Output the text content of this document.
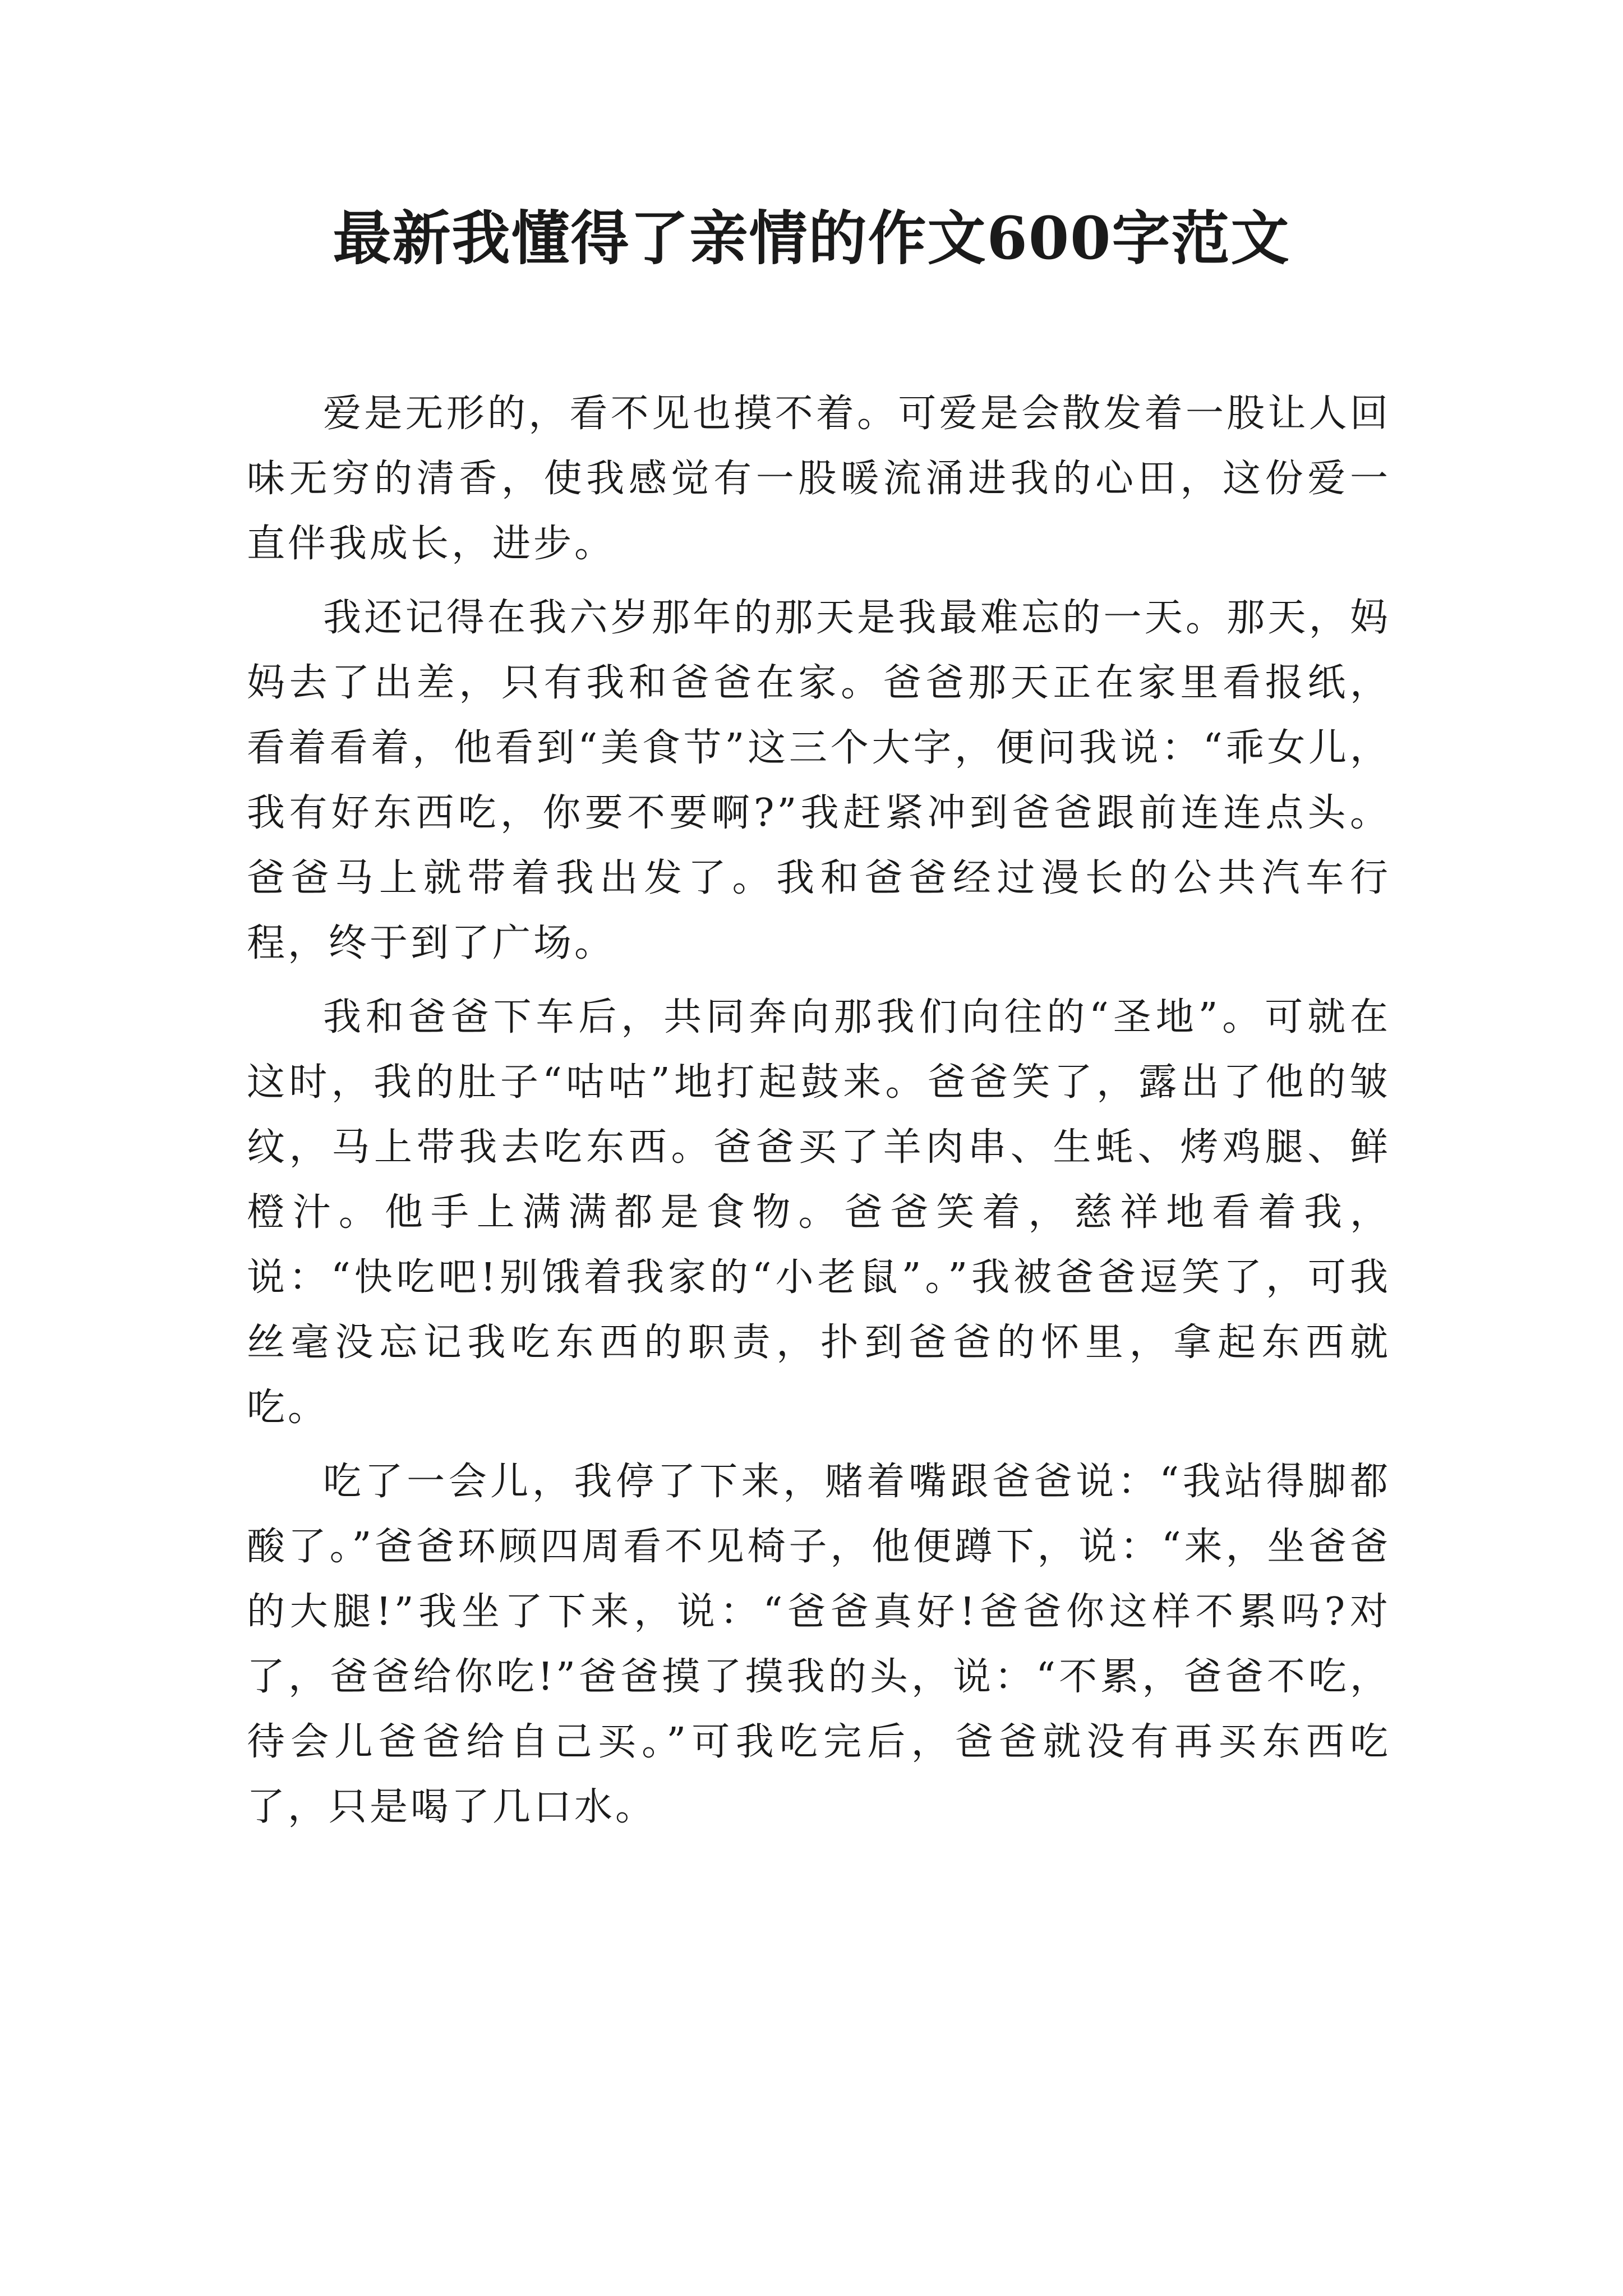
最新我懂得了亲情的作文600字范文

爱是无形的，看不见也摸不着。可爱是会散发着一股让人回味无穷的清香，使我感觉有一股暖流涌进我的心田，这份爱一直伴我成长，进步。

我还记得在我六岁那年的那天是我最难忘的一天。那天，妈妈去了出差，只有我和爸爸在家。爸爸那天正在家里看报纸，看着看着，他看到“美食节”这三个大字，便问我说：“乖女儿，我有好东西吃，你要不要啊?”我赶紧冲到爸爸跟前连连点头。爸爸马上就带着我出发了。我和爸爸经过漫长的公共汽车行程，终于到了广场。

我和爸爸下车后，共同奔向那我们向往的“圣地”。可就在这时，我的肚子“咕咕”地打起鼓来。爸爸笑了，露出了他的皱纹，马上带我去吃东西。爸爸买了羊肉串、生蚝、烤鸡腿、鲜橙汁。他手上满满都是食物。爸爸笑着，慈祥地看着我，说：“快吃吧!别饿着我家的“小老鼠”。”我被爸爸逗笑了，可我丝毫没忘记我吃东西的职责，扑到爸爸的怀里，拿起东西就吃。

吃了一会儿，我停了下来，赌着嘴跟爸爸说：“我站得脚都酸了。”爸爸环顾四周看不见椅子，他便蹲下，说：“来，坐爸爸的大腿!”我坐了下来，说：“爸爸真好!爸爸你这样不累吗?对了，爸爸给你吃!”爸爸摸了摸我的头，说：“不累，爸爸不吃，待会儿爸爸给自己买。”可我吃完后，爸爸就没有再买东西吃了，只是喝了几口水。
